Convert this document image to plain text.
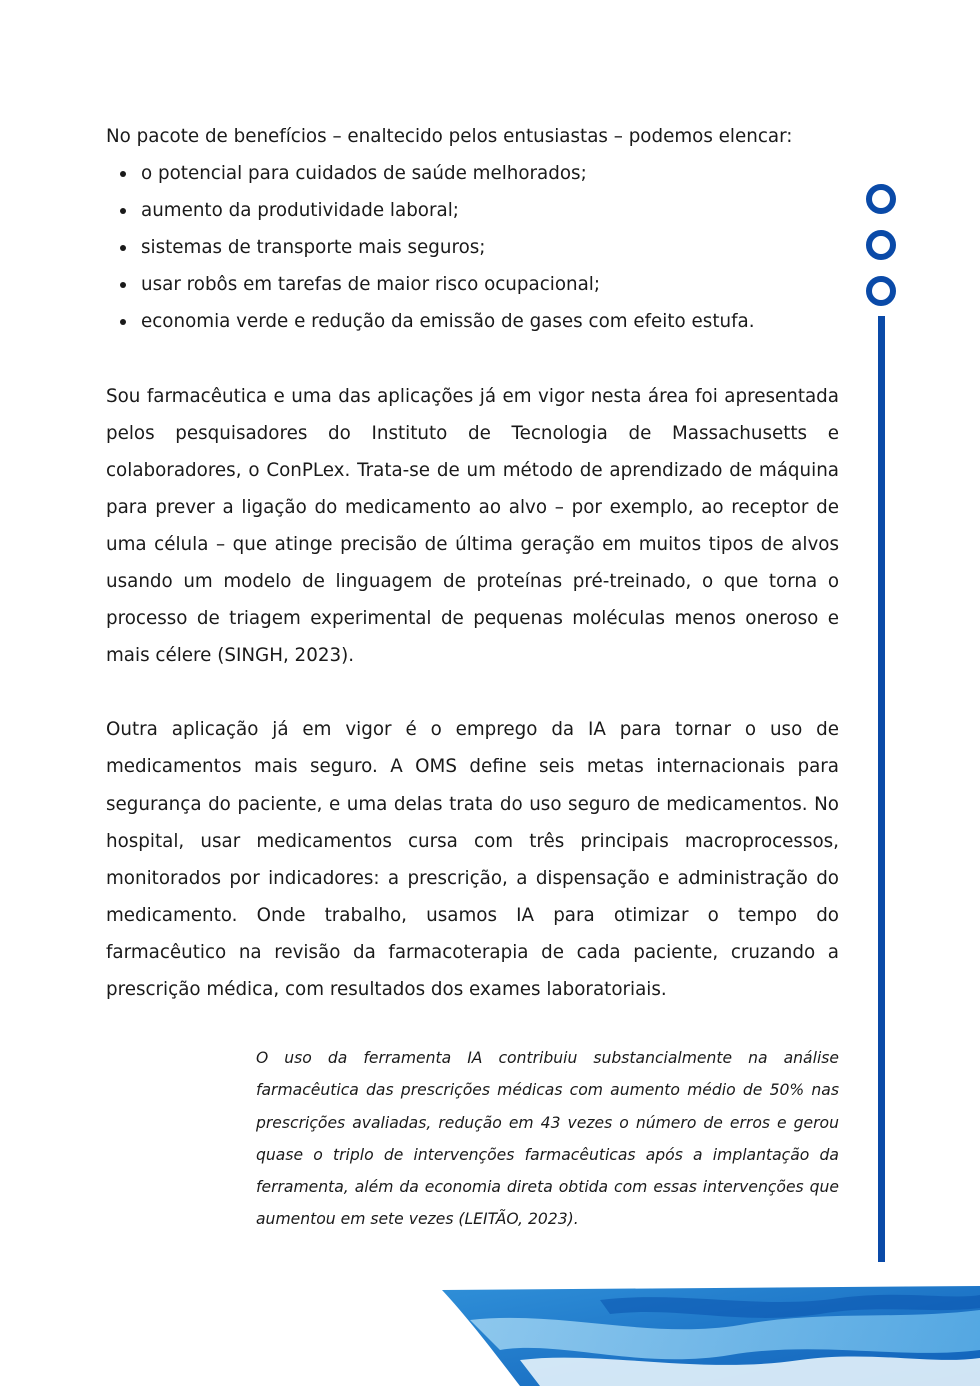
No pacote de benefícios – enaltecido pelos entusiastas – podemos elencar:

o potencial para cuidados de saúde melhorados;
aumento da produtividade laboral;
sistemas de transporte mais seguros;
usar robôs em tarefas de maior risco ocupacional;
economia verde e redução da emissão de gases com efeito estufa.

Sou farmacêutica e uma das aplicações já em vigor nesta área foi apresentada pelos pesquisadores do Instituto de Tecnologia de Massachusetts e colaboradores, o ConPLex. Trata-se de um método de aprendizado de máquina para prever a ligação do medicamento ao alvo – por exemplo, ao receptor de uma célula – que atinge precisão de última geração em muitos tipos de alvos usando um modelo de linguagem de proteínas pré-treinado, o que torna o processo de triagem experimental de pequenas moléculas menos oneroso e mais célere (SINGH, 2023).

Outra aplicação já em vigor é o emprego da IA para tornar o uso de medicamentos mais seguro. A OMS define seis metas internacionais para segurança do paciente, e uma delas trata do uso seguro de medicamentos. No hospital, usar medicamentos cursa com três principais macroprocessos, monitorados por indicadores: a prescrição, a dispensação e administração do medicamento. Onde trabalho, usamos IA para otimizar o tempo do farmacêutico na revisão da farmacoterapia de cada paciente, cruzando a prescrição médica, com resultados dos exames laboratoriais.

O uso da ferramenta IA contribuiu substancialmente na análise farmacêutica das prescrições médicas com aumento médio de 50% nas prescrições avaliadas, redução em 43 vezes o número de erros e gerou quase o triplo de intervenções farmacêuticas após a implantação da ferramenta, além da economia direta obtida com essas intervenções que aumentou em sete vezes (LEITÃO, 2023).
